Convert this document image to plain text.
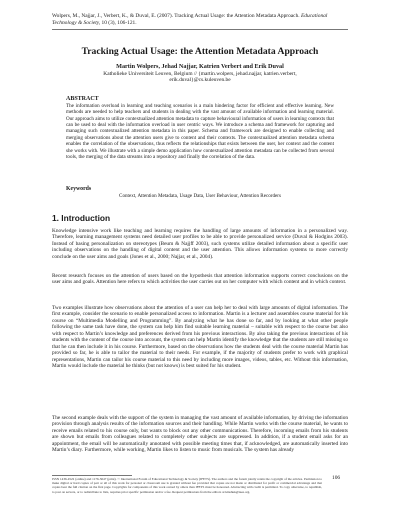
Wolpers, M., Najjar, J., Verbert, K., & Duval, E. (2007). Tracking Actual Usage: the Attention Metadata Approach. Educational Technology & Society, 10 (3), 106-121.
Tracking Actual Usage: the Attention Metadata Approach
Martin Wolpers, Jehad Najjar, Katrien Verbert and Erik Duval
Katholieke Universiteit Leuven, Belgium // {martin.wolpers, jehad.najjar, katrien.verbert,
erik.duval}@cs.kuleuven.be
ABSTRACT
The information overload in learning and teaching scenarios is a main hindering factor for efficient and effective learning. New methods are needed to help teachers and students in dealing with the vast amount of available information and learning material. Our approach aims to utilize contextualized attention metadata to capture behavioural information of users in learning contexts that can be used to deal with the information overload in user centric ways. We introduce a schema and framework for capturing and managing such contextualized attention metadata in this paper. Schema and framework are designed to enable collecting and merging observations about the attention users give to content and their contexts. The contextualized attention metadata schema enables the correlation of the observations, thus reflects the relationships that exists between the user, her context and the content she works with. We illustrate with a simple demo application how contextualized attention metadata can be collected from several tools, the merging of the data streams into a repository and finally the correlation of the data.
Keywords
Context, Attention Metadata, Usage Data, User Behaviour, Attention Recorders
1. Introduction

Knowledge intensive work like teaching and learning requires the handling of large amounts of information in a personalized way. Therefore, learning management systems need detailed user profiles to be able to provide personalized service (Duval & Hodgins 2003). Instead of basing personalization on stereotypes (Beum & Najjff 2003), such systems utilize detailed information about a specific user including observations on the handling of digital content and the user attention. This allows information systems to more correctly conclude on the user aims and goals (Jones et al., 2000; Najjar, et al., 2004).

Recent research focuses on the attention of users based on the hypothesis that attention information supports correct conclusions on the user aims and goals. Attention here refers to which activities the user carries out on her computer with which content and in which context.

Two examples illustrate how observations about the attention of a user can help her to deal with large amounts of digital information. The first example, consider the scenario to enable personalized access to information. Martin is a lecturer and assembles course material for his course on “Multimedia Modelling and Programming”. By analyzing what he has done so far, and by looking at what other people following the same task have done, the system can help him find suitable learning material – suitable with respect to the course but also with respect to Martin’s knowledge and preferences derived from his previous interactions. By also taking the previous interactions of his students with the content of the course into account, the system can help Martin identify the knowledge that the students are still missing so that he can then include it in his course. Furthermore, based on the observations how the students deal with the course material Martin has provided so far, he is able to tailor the material to their needs. For example, if the majority of students prefer to work with graphical representations, Martin can tailor his course material to this need by including more images, videos, tables, etc. Without this information, Martin would include the material he thinks (but not knows) is best suited for his student.

The second example deals with the support of the system in managing the vast amount of available information, by driving the information provision through analysis results of the information sources and their handling. While Martin works with the course material, he wants to receive emails related to his course only, but wants to block out any other communications. Therefore, incoming emails from his students are shown but emails from colleagues related to completely other subjects are suppressed. In addition, if a student email asks for an appointment, the email will be automatically annotated with possible meeting times that, if acknowledged, are automatically inserted into Martin’s diary. Furthermore, while working, Martin likes to listen to music from musicals. The system has already

ISSN 1436-4522 (online) and 1176-3647 (print). © International Forum of Educational Technology & Society (IFETS). The authors and the forum jointly retain the copyright of the articles. Permission to make digital or hard copies of part or all of this work for personal or classroom use is granted without fee provided that copies are not made or distributed for profit or commercial advantage and that copies bear the full citation on the first page. Copyrights for components of this work owned by others than IFETS must be honoured. Abstracting with credit is permitted. To copy otherwise, to republish, to post on servers, or to redistribute to lists, requires prior specific permission and/or a fee. Request permissions from the editors at kinshuk@ieee.org.
106
